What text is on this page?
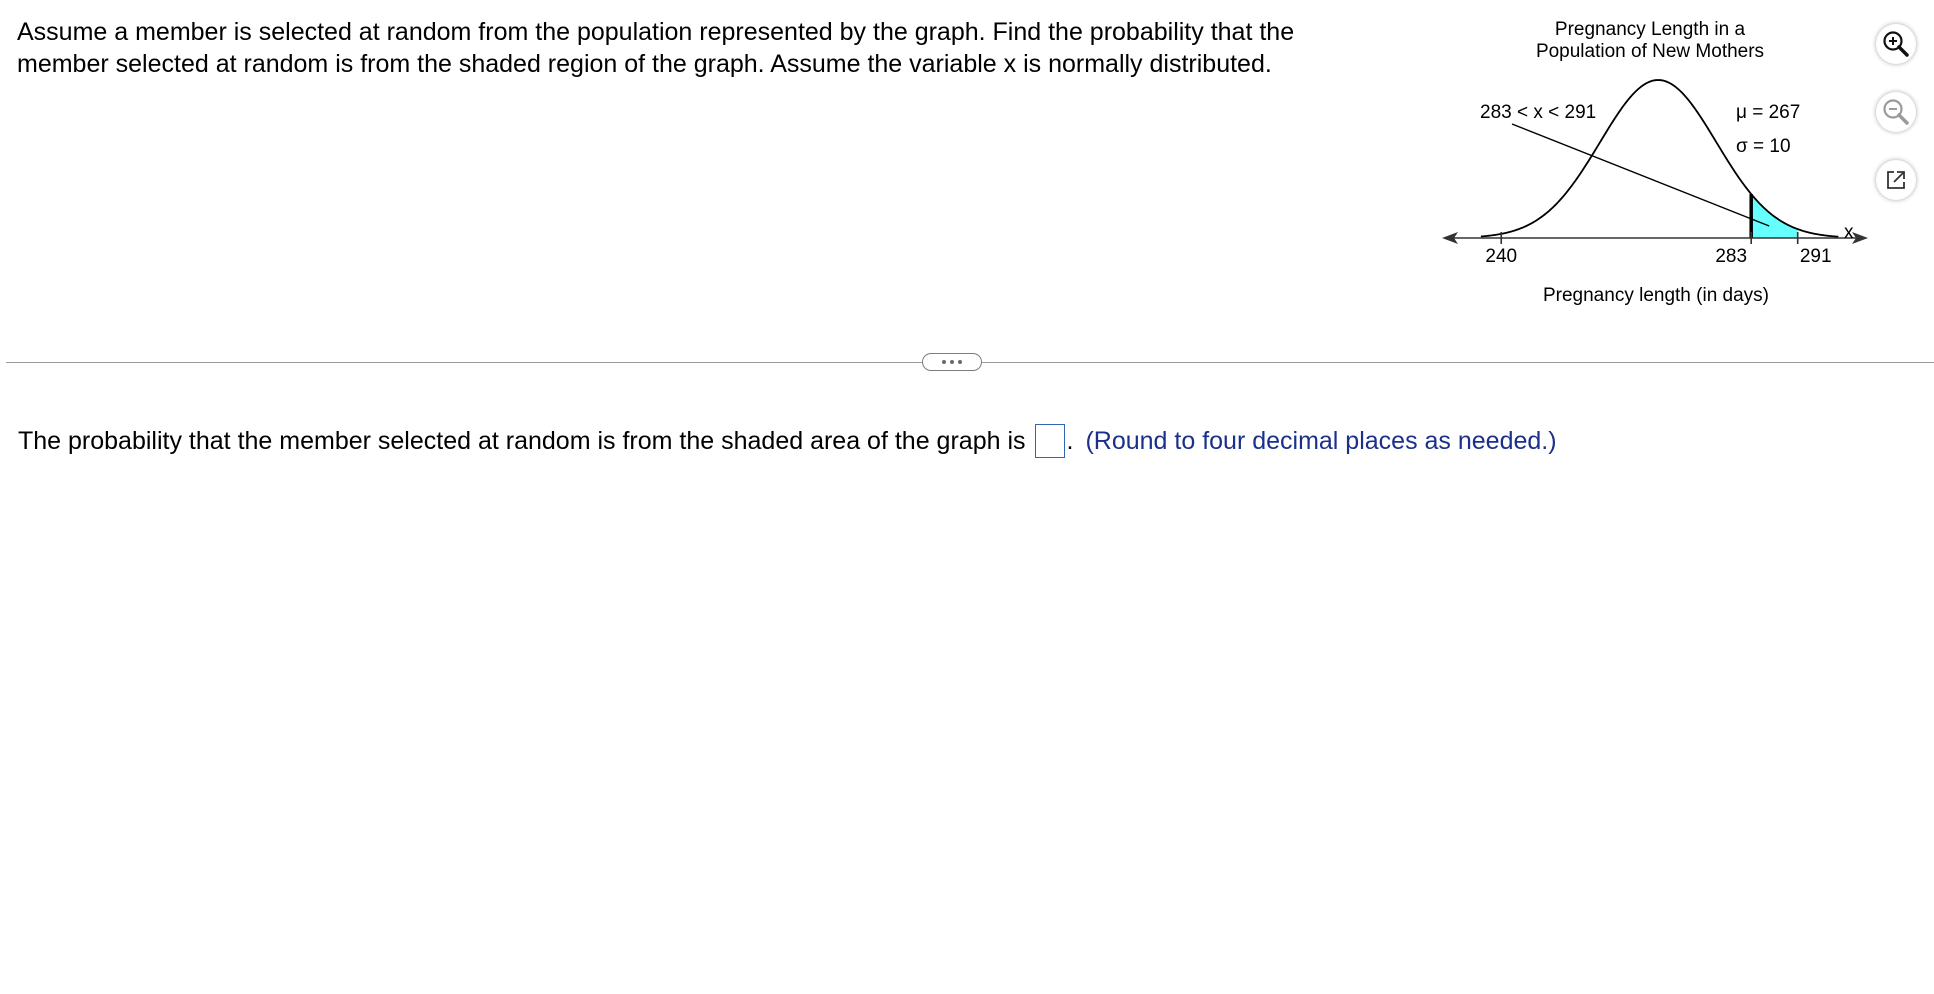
Assume a member is selected at random from the population represented by the graph. Find the probability that the
member selected at random is from the shaded region of the graph. Assume the variable x is normally distributed.
Pregnancy Length in a
Population of New Mothers
283 < x < 291	μ = 267
σ = 10
x
Pregnancy length (in days)
240	283	291
The probability that the member selected at random is from the shaded area of the graph is . (Round to four decimal places as needed.)
